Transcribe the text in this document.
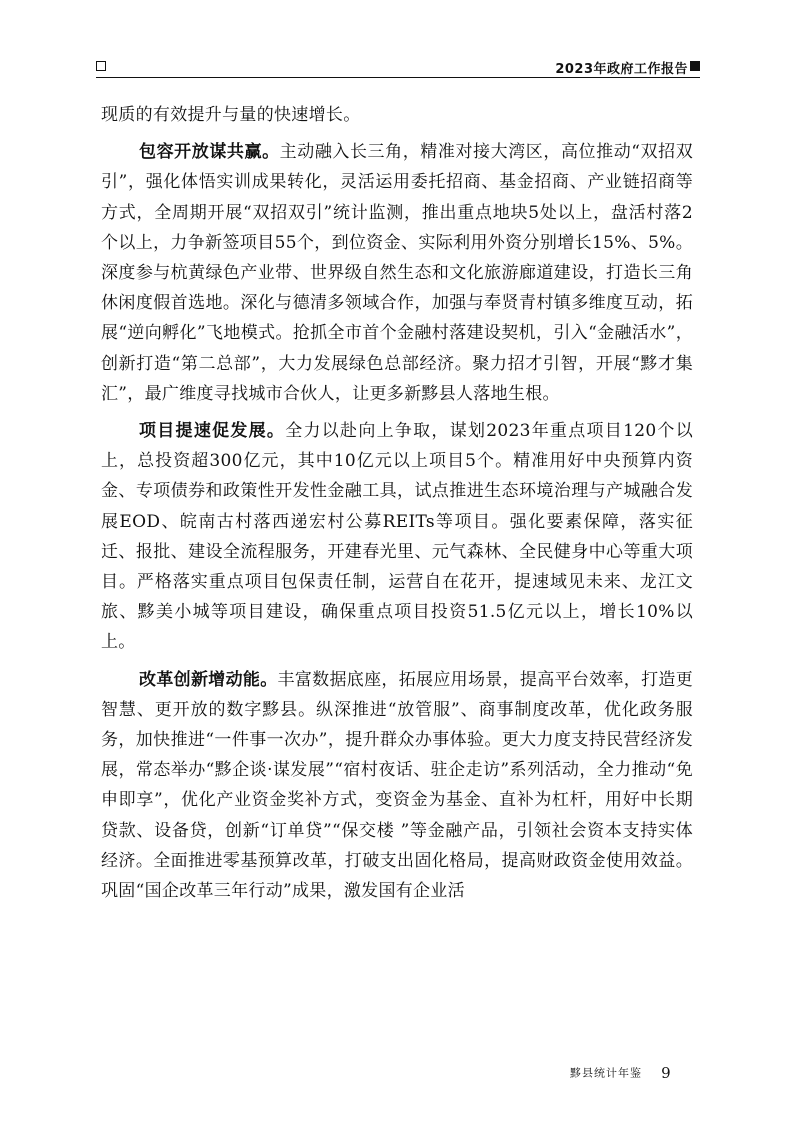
2023年政府工作报告

现质的有效提升与量的快速增长。

包容开放谋共赢。主动融入长三角，精准对接大湾区，高位推动“双招双引”，强化体悟实训成果转化，灵活运用委托招商、基金招商、产业链招商等方式，全周期开展“双招双引”统计监测，推出重点地块5处以上，盘活村落2个以上，力争新签项目55个，到位资金、实际利用外资分别增长15%、5%。深度参与杭黄绿色产业带、世界级自然生态和文化旅游廊道建设，打造长三角休闲度假首选地。深化与德清多领域合作，加强与奉贤青村镇多维度互动，拓展“逆向孵化”飞地模式。抢抓全市首个金融村落建设契机，引入“金融活水”，创新打造“第二总部”，大力发展绿色总部经济。聚力招才引智，开展“黟才集汇”，最广维度寻找城市合伙人，让更多新黟县人落地生根。

项目提速促发展。全力以赴向上争取，谋划2023年重点项目120个以上，总投资超300亿元，其中10亿元以上项目5个。精准用好中央预算内资金、专项债券和政策性开发性金融工具，试点推进生态环境治理与产城融合发展EOD、皖南古村落西递宏村公募REITs等项目。强化要素保障，落实征迁、报批、建设全流程服务，开建春光里、元气森林、全民健身中心等重大项目。严格落实重点项目包保责任制，运营自在花开，提速域见未来、龙江文旅、黟美小城等项目建设，确保重点项目投资51.5亿元以上，增长10%以上。

改革创新增动能。丰富数据底座，拓展应用场景，提高平台效率，打造更智慧、更开放的数字黟县。纵深推进“放管服”、商事制度改革，优化政务服务，加快推进“一件事一次办”，提升群众办事体验。更大力度支持民营经济发展，常态举办“黟企谈·谋发展”“宿村夜话、驻企走访”系列活动，全力推动“免申即享”，优化产业资金奖补方式，变资金为基金、直补为杠杆，用好中长期贷款、设备贷，创新“订单贷”“保交楼 ”等金融产品，引领社会资本支持实体经济。全面推进零基预算改革，打破支出固化格局，提高财政资金使用效益。巩固“国企改革三年行动”成果，激发国有企业活

黟县统计年鉴 9
